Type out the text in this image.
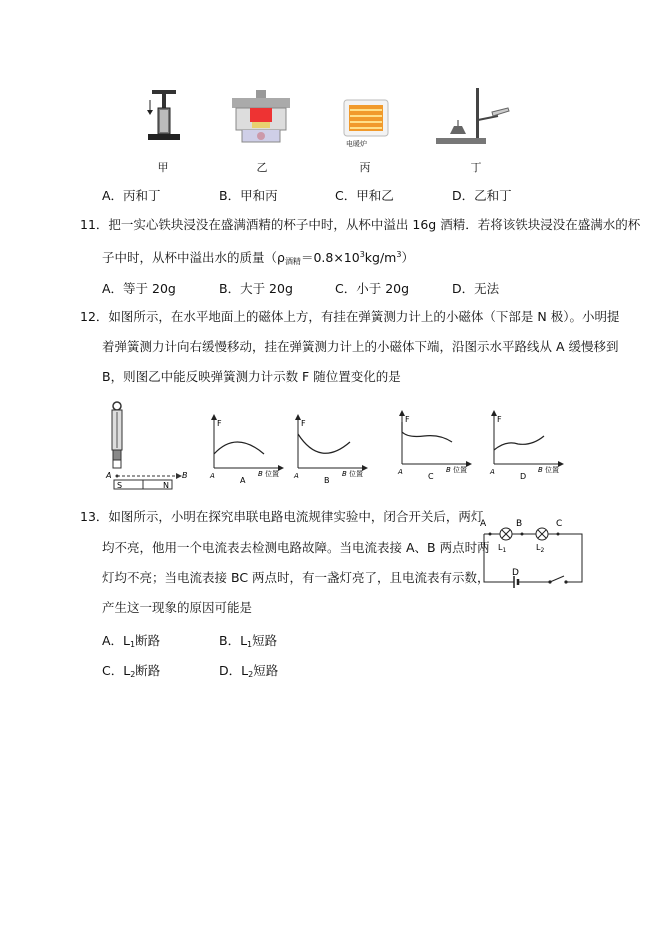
电暖炉
甲	乙	丙	丁
A．丙和丁	B．甲和丙	C．甲和乙	D．乙和丁
11．把一实心铁块浸没在盛满酒精的杯子中时，从杯中溢出 16g 酒精．若将该铁块浸没在盛满水的杯
子中时，从杯中溢出水的质量$(\rho_{酒精}=0.8\times 10^3kg/m^3)$
A．等于 20g	B．大于 20g	C．小于 20g	D．无法
12．如图所示，在水平地面上的磁体上方，有挂在弹簧测力计上的小磁体（下部是 N 极）。小明提
着弹簧测力计向右缓慢移动，挂在弹簧测力计上的小磁体下端，沿图示水平路线从 A 缓慢移到
B，则图乙中能反映弹簧测力计示数 F 随位置变化的是
A	B
S	N
F
A	B 位置
A
F
A	B 位置
B
F
A	B 位置
C
F
A	B 位置
D
13．如图所示，小明在探究串联电路电流规律实验中，闭合开关后，两灯
均不亮，他用一个电流表去检测电路故障。当电流表接 A、B 两点时两
灯均不亮；当电流表接 BC 两点时，有一盏灯亮了，且电流表有示数，
产生这一现象的原因可能是
A	B	C
D
$L_1$	$L_2$
A．$L_1$断路	B．$L_1$短路
C．$L_2$断路	D．$L_2$短路
